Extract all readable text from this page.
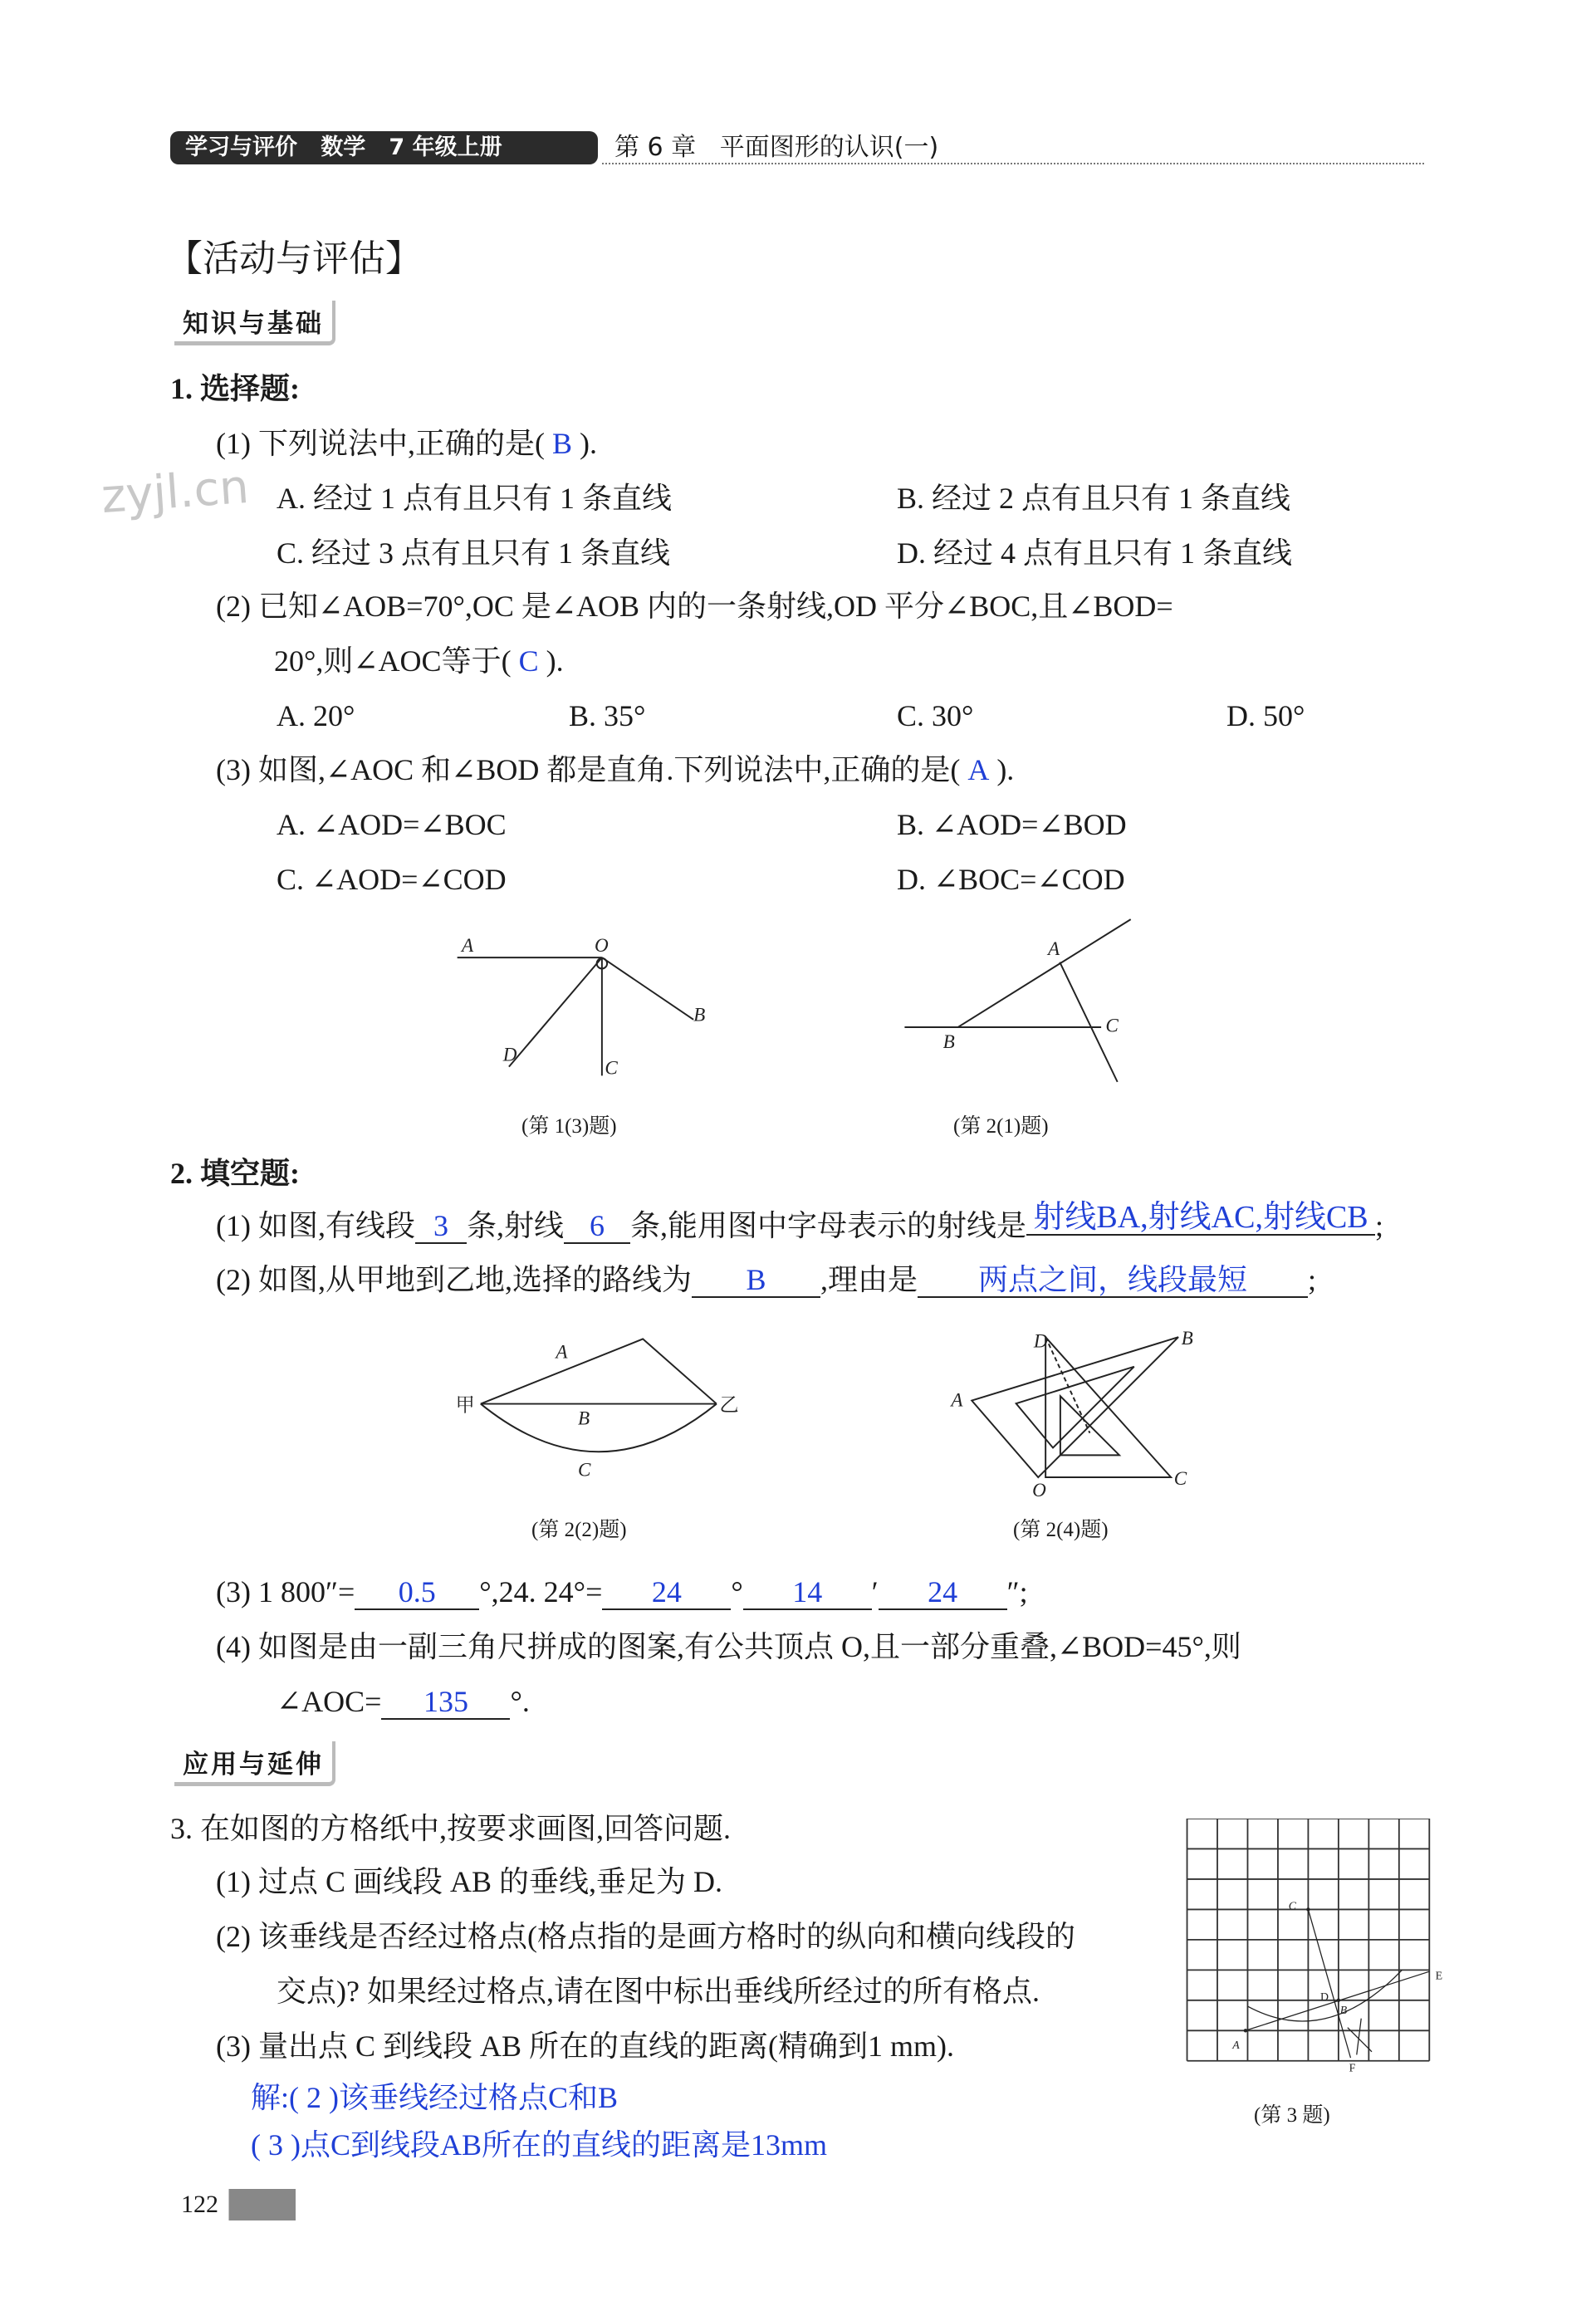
学习与评价   数学   7 年级上册	第 6 章   平面图形的认识(一)
zyjl.cn
【活动与评估】
知识与基础
1. 选择题:
(1) 下列说法中,正确的是( B ).
A. 经过 1 点有且只有 1 条直线	B. 经过 2 点有且只有 1 条直线
C. 经过 3 点有且只有 1 条直线	D. 经过 4 点有且只有 1 条直线
(2) 已知∠AOB=70°,OC 是∠AOB 内的一条射线,OD 平分∠BOC,且∠BOD=
20°,则∠AOC等于( C ).
A. 20°	B. 35°	C. 30°	D. 50°
(3) 如图,∠AOC 和∠BOD 都是直角.下列说法中,正确的是( A ).
A. ∠AOD=∠BOC	B. ∠AOD=∠BOD
C. ∠AOD=∠COD	D. ∠BOC=∠COD
A	O
B
D
C
(第 1(3)题)
A
B
C
(第 2(1)题)
2. 填空题:
(1) 如图,有线段 3 条,射线 6 条,能用图中字母表示的射线是 射线BA,射线AC,射线CB ;
(2) 如图,从甲地到乙地,选择的路线为 B ,理由是 两点之间，线段最短 ;
甲	乙
A
B
C
(第 2(2)题)
D	B
A
O
C
(第 2(4)题)
(3) 1 800″= 0.5 °,24. 24°= 24 ° 14 ′ 24 ″;
(4) 如图是由一副三角尺拼成的图案,有公共顶点 O,且一部分重叠,∠BOD=45°,则
∠AOC= 135 °.
应用与延伸
3. 在如图的方格纸中,按要求画图,回答问题.
(1) 过点 C 画线段 AB 的垂线,垂足为 D.
(2) 该垂线是否经过格点(格点指的是画方格时的纵向和横向线段的
交点)? 如果经过格点,请在图中标出垂线所经过的所有格点.
(3) 量出点 C 到线段 AB 所在的直线的距离(精确到1 mm).
解:( 2 )该垂线经过格点C和B
( 3 )点C到线段AB所在的直线的距离是13mm
(第 3 题)
122
